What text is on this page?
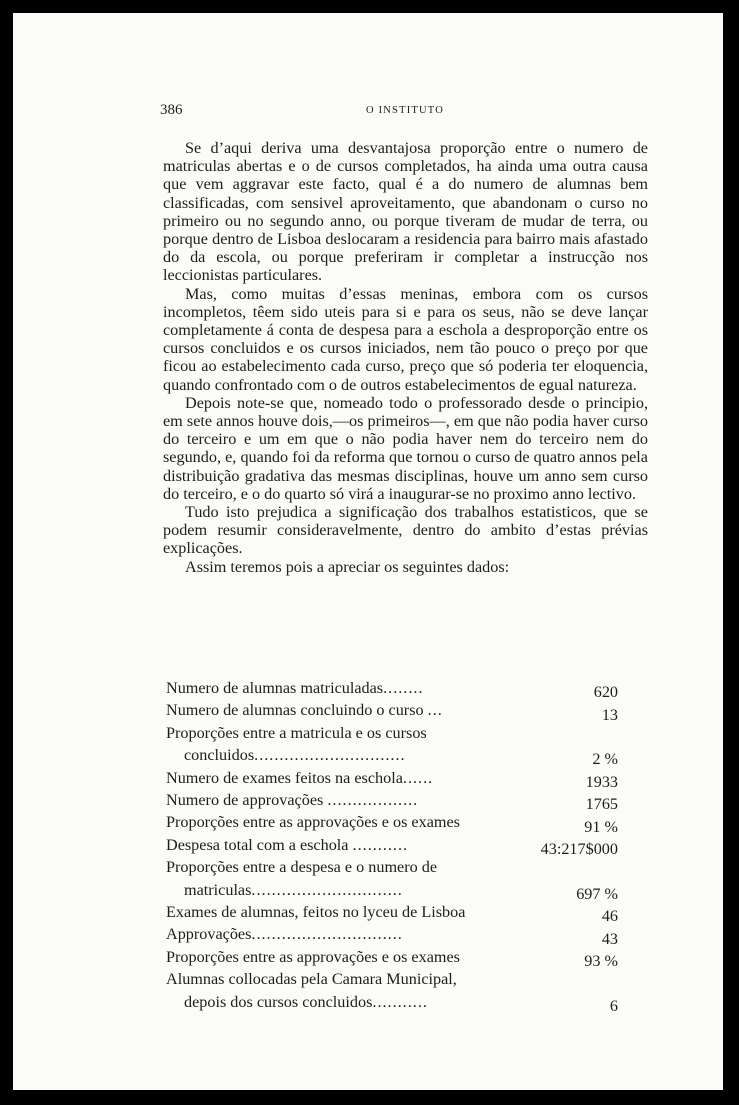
386	O INSTITUTO

Se d’aqui deriva uma desvantajosa proporção entre o numero de matriculas abertas e o de cursos completados, ha ainda uma outra causa que vem aggravar este facto, qual é a do numero de alumnas bem classificadas, com sensivel aproveitamento, que abandonam o curso no primeiro ou no segundo anno, ou porque tiveram de mudar de terra, ou porque dentro de Lisboa deslocaram a residencia para bairro mais afastado do da escola, ou porque preferiram ir completar a instrucção nos leccionistas particulares.

Mas, como muitas d’essas meninas, embora com os cursos incompletos, têem sido uteis para si e para os seus, não se deve lançar completamente á conta de despesa para a eschola a desproporção entre os cursos concluidos e os cursos iniciados, nem tão pouco o preço por que ficou ao estabelecimento cada curso, preço que só poderia ter eloquencia, quando confrontado com o de outros estabelecimentos de egual natureza.

Depois note-se que, nomeado todo o professorado desde o principio, em sete annos houve dois,—os primeiros—, em que não podia haver curso do terceiro e um em que o não podia haver nem do terceiro nem do segundo, e, quando foi da reforma que tornou o curso de quatro annos pela distribuição gradativa das mesmas disciplinas, houve um anno sem curso do terceiro, e o do quarto só virá a inaugurar-se no proximo anno lectivo.

Tudo isto prejudica a significação dos trabalhos estatisticos, que se podem resumir consideravelmente, dentro do ambito d’estas prévias explicações.

Assim teremos pois a apreciar os seguintes dados:

Numero de alumnas matriculadas........	620
Numero de alumnas concluindo o curso ...	13
Proporções entre a matricula e os cursos
concluidos..............................	2 %
Numero de exames feitos na eschola......	1933
Numero de approvações ..................	1765
Proporções entre as approvações e os exames	91 %
Despesa total com a eschola ...........	43:217$000
Proporções entre a despesa e o numero de
matriculas..............................	697 %
Exames de alumnas, feitos no lyceu de Lisboa	46
Approvações..............................	43
Proporções entre as approvações e os exames	93 %
Alumnas collocadas pela Camara Municipal,
depois dos cursos concluidos...........	6
